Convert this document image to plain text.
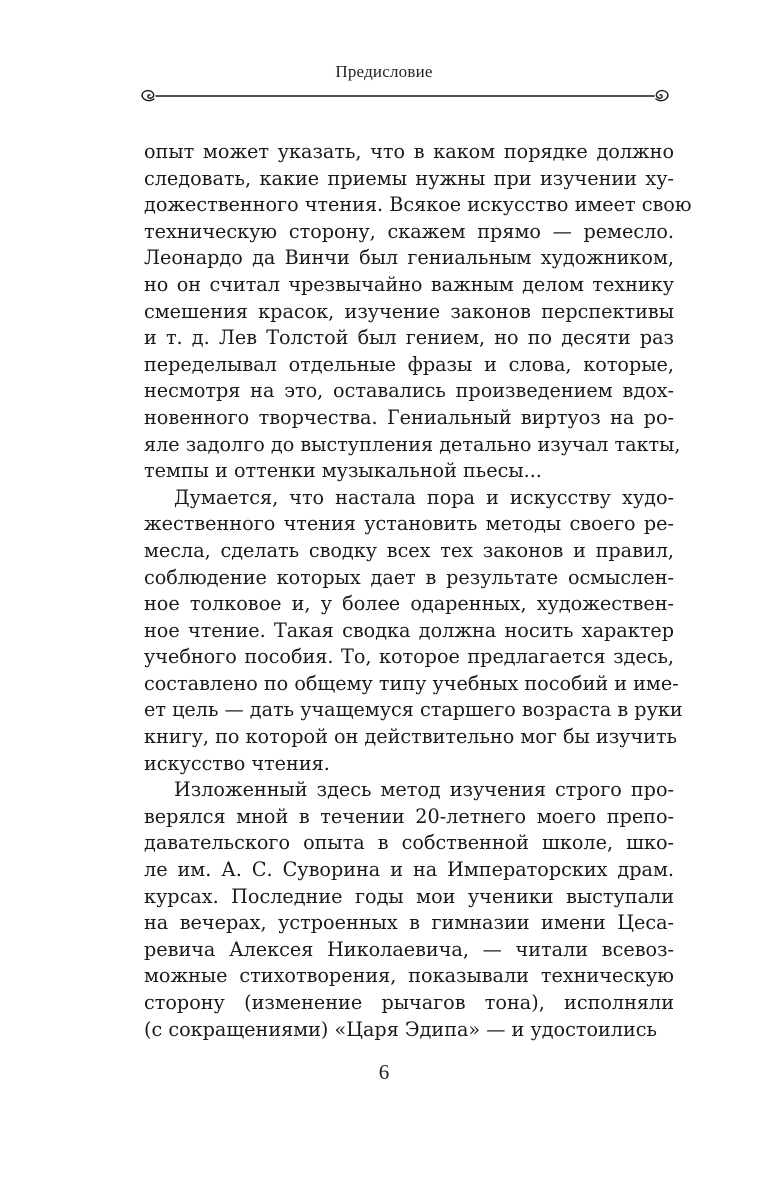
Предисловие
опыт может указать, что в каком порядке должно
следовать, какие приемы нужны при изучении ху-
дожественного чтения. Всякое искусство имеет свою
техническую сторону, скажем прямо — ремесло.
Леонардо да Винчи был гениальным художником,
но он считал чрезвычайно важным делом технику
смешения красок, изучение законов перспективы
и т. д. Лев Толстой был гением, но по десяти раз
переделывал отдельные фразы и слова, которые,
несмотря на это, оставались произведением вдох-
новенного творчества. Гениальный виртуоз на ро-
яле задолго до выступления детально изучал такты,
темпы и оттенки музыкальной пьесы...
Думается, что настала пора и искусству худо-
жественного чтения установить методы своего ре-
месла, сделать сводку всех тех законов и правил,
соблюдение которых дает в результате осмыслен-
ное толковое и, у более одаренных, художествен-
ное чтение. Такая сводка должна носить характер
учебного пособия. То, которое предлагается здесь,
составлено по общему типу учебных пособий и име-
ет цель — дать учащемуся старшего возраста в руки
книгу, по которой он действительно мог бы изучить
искусство чтения.
Изложенный здесь метод изучения строго про-
верялся мной в течении 20-летнего моего препо-
давательского опыта в собственной школе, шко-
ле им. А. С. Суворина и на Императорских драм.
курсах. Последние годы мои ученики выступали
на вечерах, устроенных в гимназии имени Цеса-
ревича Алексея Николаевича, — читали всевоз-
можные стихотворения, показывали техническую
сторону (изменение рычагов тона), исполняли
(с сокращениями) «Царя Эдипа» — и удостоились
6
